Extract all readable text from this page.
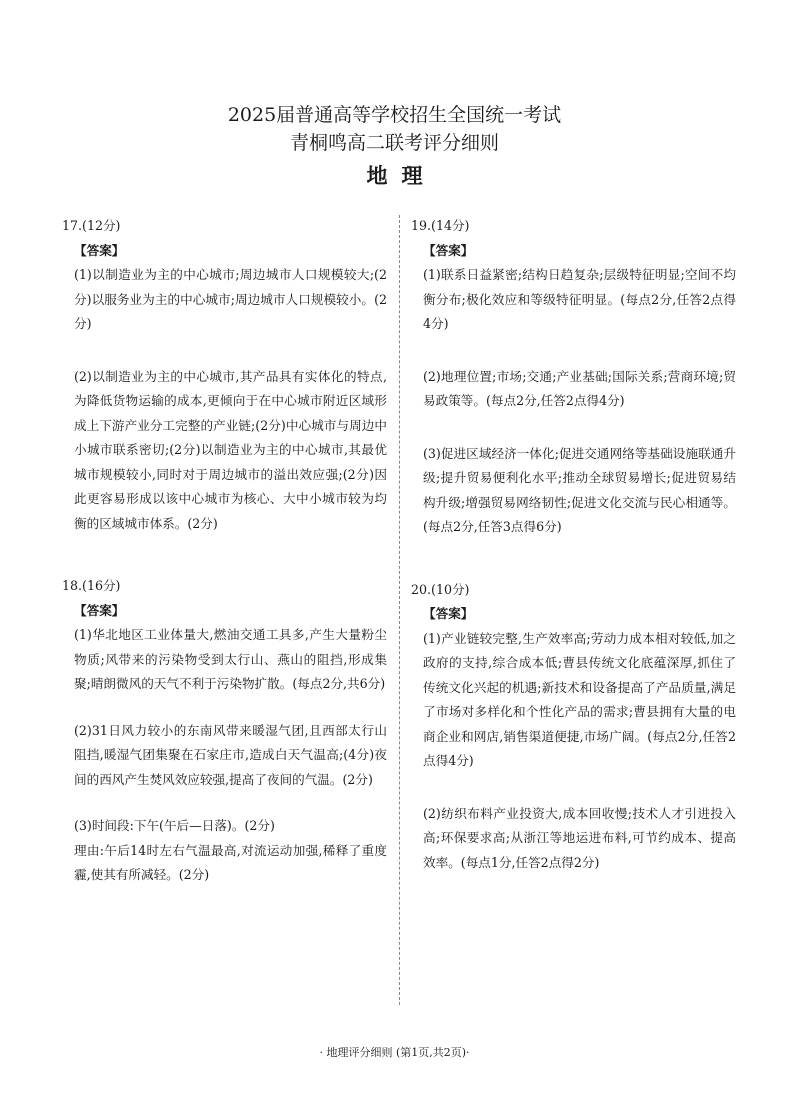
2025届普通高等学校招生全国统一考试
青桐鸣高二联考评分细则
地理

17.(12分)

【答案】

(1)以制造业为主的中心城市;周边城市人口规模较大;(2分)以服务业为主的中心城市;周边城市人口规模较小。(2分)

(2)以制造业为主的中心城市,其产品具有实体化的特点,为降低货物运输的成本,更倾向于在中心城市附近区域形成上下游产业分工完整的产业链;(2分)中心城市与周边中小城市联系密切;(2分)以制造业为主的中心城市,其最优城市规模较小,同时对于周边城市的溢出效应强;(2分)因此更容易形成以该中心城市为核心、大中小城市较为均衡的区域城市体系。(2分)

18.(16分)

【答案】

(1)华北地区工业体量大,燃油交通工具多,产生大量粉尘物质;风带来的污染物受到太行山、燕山的阻挡,形成集聚;晴朗微风的天气不利于污染物扩散。(每点2分,共6分)

(2)31日风力较小的东南风带来暖湿气团,且西部太行山阻挡,暖湿气团集聚在石家庄市,造成白天气温高;(4分)夜间的西风产生焚风效应较强,提高了夜间的气温。(2分)

(3)时间段:下午(午后—日落)。(2分)

理由:午后14时左右气温最高,对流运动加强,稀释了重度霾,使其有所减轻。(2分)

19.(14分)

【答案】

(1)联系日益紧密;结构日趋复杂;层级特征明显;空间不均衡分布;极化效应和等级特征明显。(每点2分,任答2点得4分)

(2)地理位置;市场;交通;产业基础;国际关系;营商环境;贸易政策等。(每点2分,任答2点得4分)

(3)促进区域经济一体化;促进交通网络等基础设施联通升级;提升贸易便利化水平;推动全球贸易增长;促进贸易结构升级;增强贸易网络韧性;促进文化交流与民心相通等。(每点2分,任答3点得6分)

20.(10分)

【答案】

(1)产业链较完整,生产效率高;劳动力成本相对较低,加之政府的支持,综合成本低;曹县传统文化底蕴深厚,抓住了传统文化兴起的机遇;新技术和设备提高了产品质量,满足了市场对多样化和个性化产品的需求;曹县拥有大量的电商企业和网店,销售渠道便捷,市场广阔。(每点2分,任答2点得4分)

(2)纺织布料产业投资大,成本回收慢;技术人才引进投入高;环保要求高;从浙江等地运进布料,可节约成本、提高效率。(每点1分,任答2点得2分)

· 地理评分细则 (第1页,共2页)·
